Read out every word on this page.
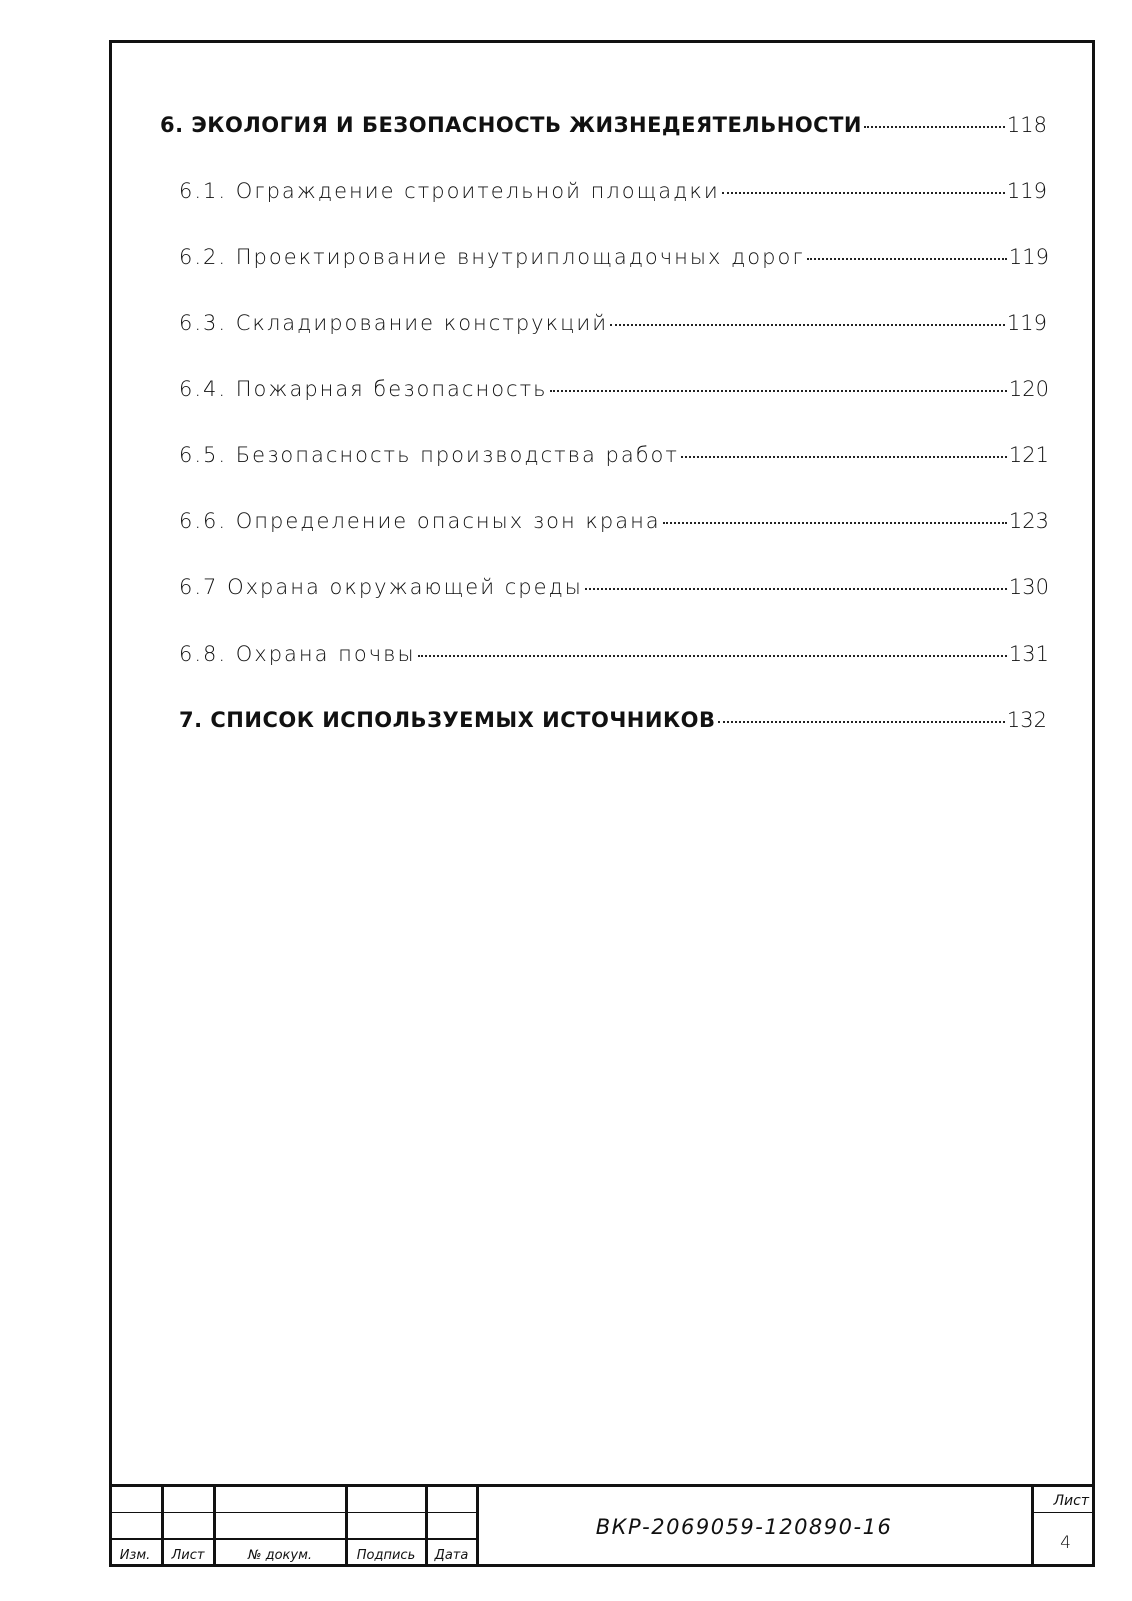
6. ЭКОЛОГИЯ И БЕЗОПАСНОСТЬ ЖИЗНЕДЕЯТЕЛЬНОСТИ	118
6.1. Ограждение строительной площадки	119
6.2. Проектирование внутриплощадочных дорог	119
6.3. Складирование конструкций	119
6.4. Пожарная безопасность	120
6.5. Безопасность производства работ	121
6.6. Определение опасных зон крана	123
6.7 Охрана окружающей среды	130
6.8. Охрана почвы	131
7. СПИСОК ИСПОЛЬЗУЕМЫХ ИСТОЧНИКОВ	132
Изм.	Лист	№ докум.	Подпись	Дата
ВКР-2069059-120890-16
Лист
4
